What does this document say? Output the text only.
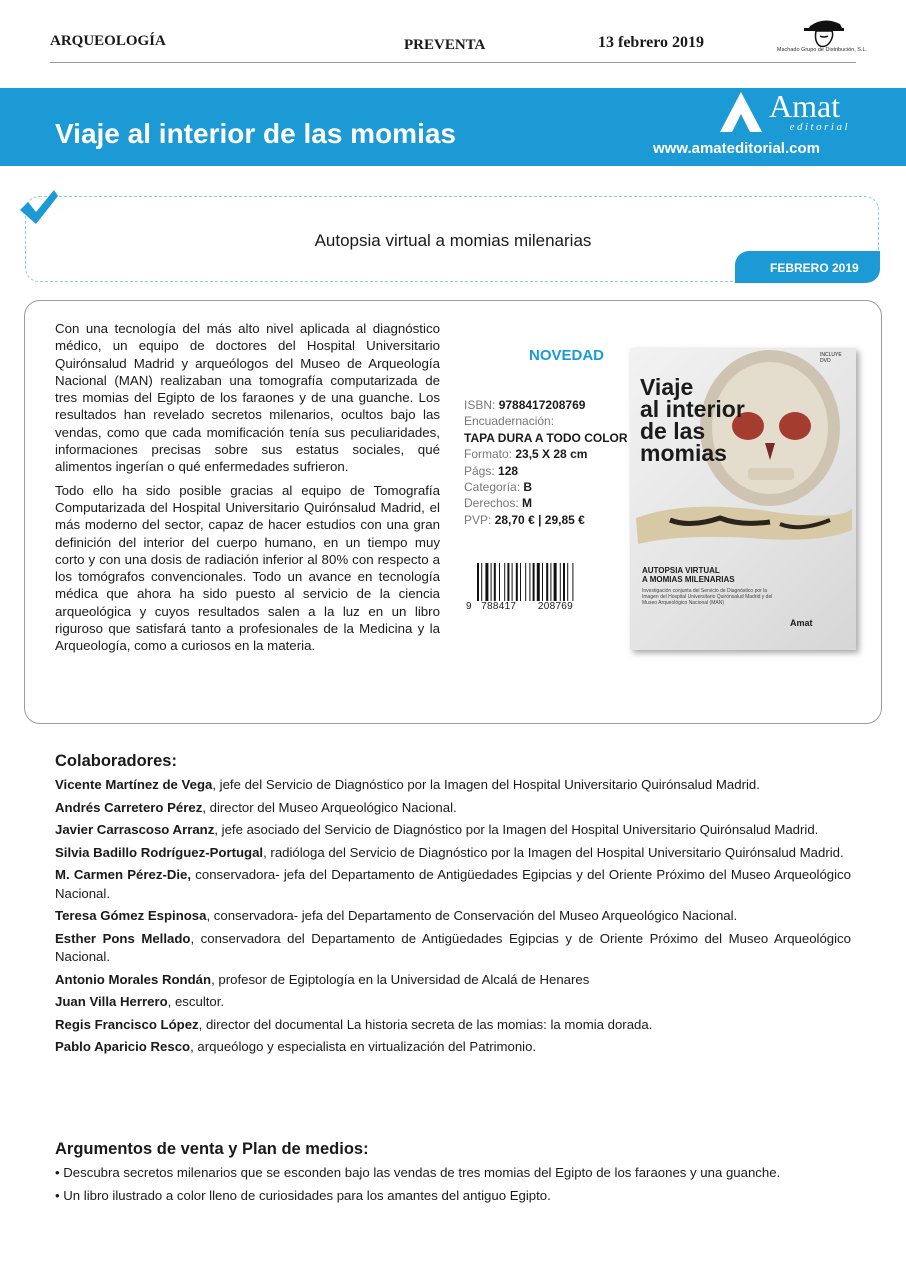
ARQUEOLOGÍA	PREVENTA	13 febrero 2019	Machado Grupo de Distribución, S.L.
Viaje al interior de las momias
Amat
editorial
www.amateditorial.com
Autopsia virtual a momias milenarias
FEBRERO 2019

Con una tecnología del más alto nivel aplicada al diagnóstico médico, un equipo de doctores del Hospital Universitario Quirónsalud Madrid y arqueólogos del Museo de Arqueología Nacional (MAN) realizaban una tomografía computarizada de tres momias del Egipto de los faraones y de una guanche. Los resultados han revelado secretos milenarios, ocultos bajo las vendas, como que cada momificación tenía sus peculiaridades, informaciones precisas sobre sus estatus sociales, qué alimentos ingerían o qué enfermedades sufrieron.

Todo ello ha sido posible gracias al equipo de Tomografía Computarizada del Hospital Universitario Quirónsalud Madrid, el más moderno del sector, capaz de hacer estudios con una gran definición del interior del cuerpo humano, en un tiempo muy corto y con una dosis de radiación inferior al 80% con respecto a los tomógrafos convencionales. Todo un avance en tecnología médica que ahora ha sido puesto al servicio de la ciencia arqueológica y cuyos resultados salen a la luz en un libro riguroso que satisfará tanto a profesionales de la Medicina y la Arqueología, como a curiosos en la materia.

NOVEDAD
ISBN: 9788417208769
Encuadernación:
TAPA DURA A TODO COLOR
Formato: 23,5 X 28 cm
Págs: 128
Categoría: B
Derechos: M
PVP: 28,70 € | 29,85 €
9 788417 208769
INCLUYE DVD
Viaje
al interior
de las
momias
AUTOPSIA VIRTUAL
A MOMIAS MILENARIAS
Investigación conjunta del Servicio de Diagnóstico por la Imagen del Hospital Universitario Quirónsalud Madrid y del Museo Arqueológico Nacional (MAN)
Amat
Colaboradores:
Vicente Martínez de Vega, jefe del Servicio de Diagnóstico por la Imagen del Hospital Universitario Quirónsalud Madrid.
Andrés Carretero Pérez, director del Museo Arqueológico Nacional.
Javier Carrascoso Arranz, jefe asociado del Servicio de Diagnóstico por la Imagen del Hospital Universitario Quirónsalud Madrid.
Silvia Badillo Rodríguez-Portugal, radióloga del Servicio de Diagnóstico por la Imagen del Hospital Universitario Quirónsalud Madrid.
M. Carmen Pérez-Die, conservadora- jefa del Departamento de Antigüedades Egipcias y del Oriente Próximo del Museo Arqueológico Nacional.
Teresa Gómez Espinosa, conservadora- jefa del Departamento de Conservación del Museo Arqueológico Nacional.
Esther Pons Mellado, conservadora del Departamento de Antigüedades Egipcias y de Oriente Próximo del Museo Arqueológico Nacional.
Antonio Morales Rondán, profesor de Egiptología en la Universidad de Alcalá de Henares
Juan Villa Herrero, escultor.
Regis Francisco López, director del documental La historia secreta de las momias: la momia dorada.
Pablo Aparicio Resco, arqueólogo y especialista en virtualización del Patrimonio.
Argumentos de venta y Plan de medios:
• Descubra secretos milenarios que se esconden bajo las vendas de tres momias del Egipto de los faraones y una guanche.
• Un libro ilustrado a color lleno de curiosidades para los amantes del antiguo Egipto.
